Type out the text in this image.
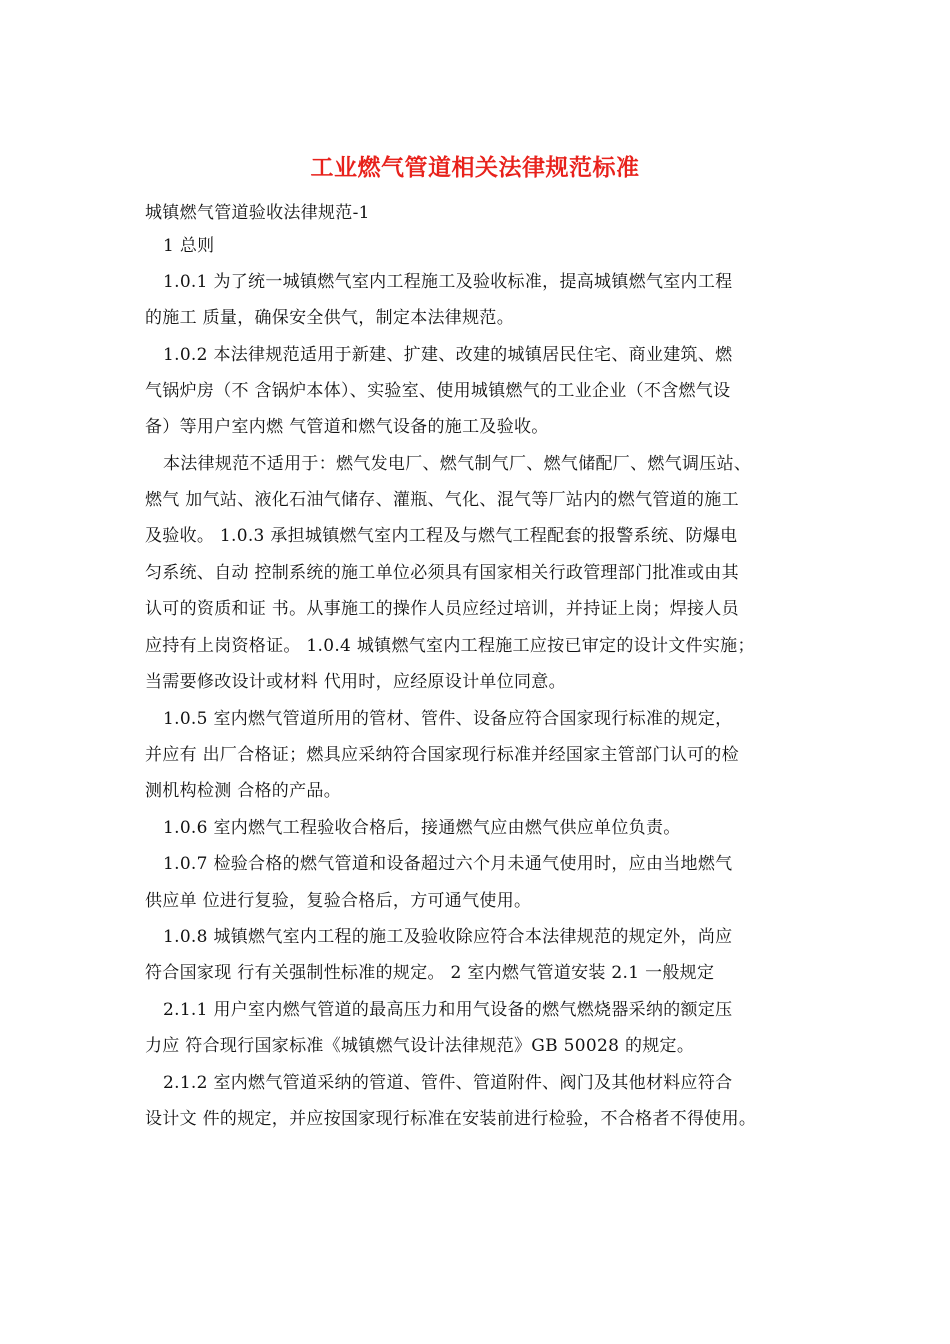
工业燃气管道相关法律规范标准
城镇燃气管道验收法律规范-1
1 总则
1.0.1 为了统一城镇燃气室内工程施工及验收标准，提高城镇燃气室内工程
的施工 质量，确保安全供气，制定本法律规范。
1.0.2 本法律规范适用于新建、扩建、改建的城镇居民住宅、商业建筑、燃
气锅炉房（不 含锅炉本体）、实验室、使用城镇燃气的工业企业（不含燃气设
备）等用户室内燃 气管道和燃气设备的施工及验收。
本法律规范不适用于：燃气发电厂、燃气制气厂、燃气储配厂、燃气调压站、
燃气 加气站、液化石油气储存、灌瓶、气化、混气等厂站内的燃气管道的施工
及验收。 1.0.3 承担城镇燃气室内工程及与燃气工程配套的报警系统、防爆电
匀系统、自动 控制系统的施工单位必须具有国家相关行政管理部门批准或由其
认可的资质和证 书。从事施工的操作人员应经过培训，并持证上岗；焊接人员
应持有上岗资格证。 1.0.4 城镇燃气室内工程施工应按已审定的设计文件实施；
当需要修改设计或材料 代用时，应经原设计单位同意。
1.0.5 室内燃气管道所用的管材、管件、设备应符合国家现行标准的规定，
并应有 出厂合格证；燃具应采纳符合国家现行标准并经国家主管部门认可的检
测机构检测 合格的产品。
1.0.6 室内燃气工程验收合格后，接通燃气应由燃气供应单位负责。
1.0.7 检验合格的燃气管道和设备超过六个月未通气使用时，应由当地燃气
供应单 位进行复验，复验合格后，方可通气使用。
1.0.8 城镇燃气室内工程的施工及验收除应符合本法律规范的规定外，尚应
符合国家现 行有关强制性标准的规定。 2 室内燃气管道安装 2.1 一般规定
2.1.1 用户室内燃气管道的最高压力和用气设备的燃气燃烧器采纳的额定压
力应 符合现行国家标准《城镇燃气设计法律规范》GB 50028 的规定。
2.1.2 室内燃气管道采纳的管道、管件、管道附件、阀门及其他材料应符合
设计文 件的规定，并应按国家现行标准在安装前进行检验，不合格者不得使用。
